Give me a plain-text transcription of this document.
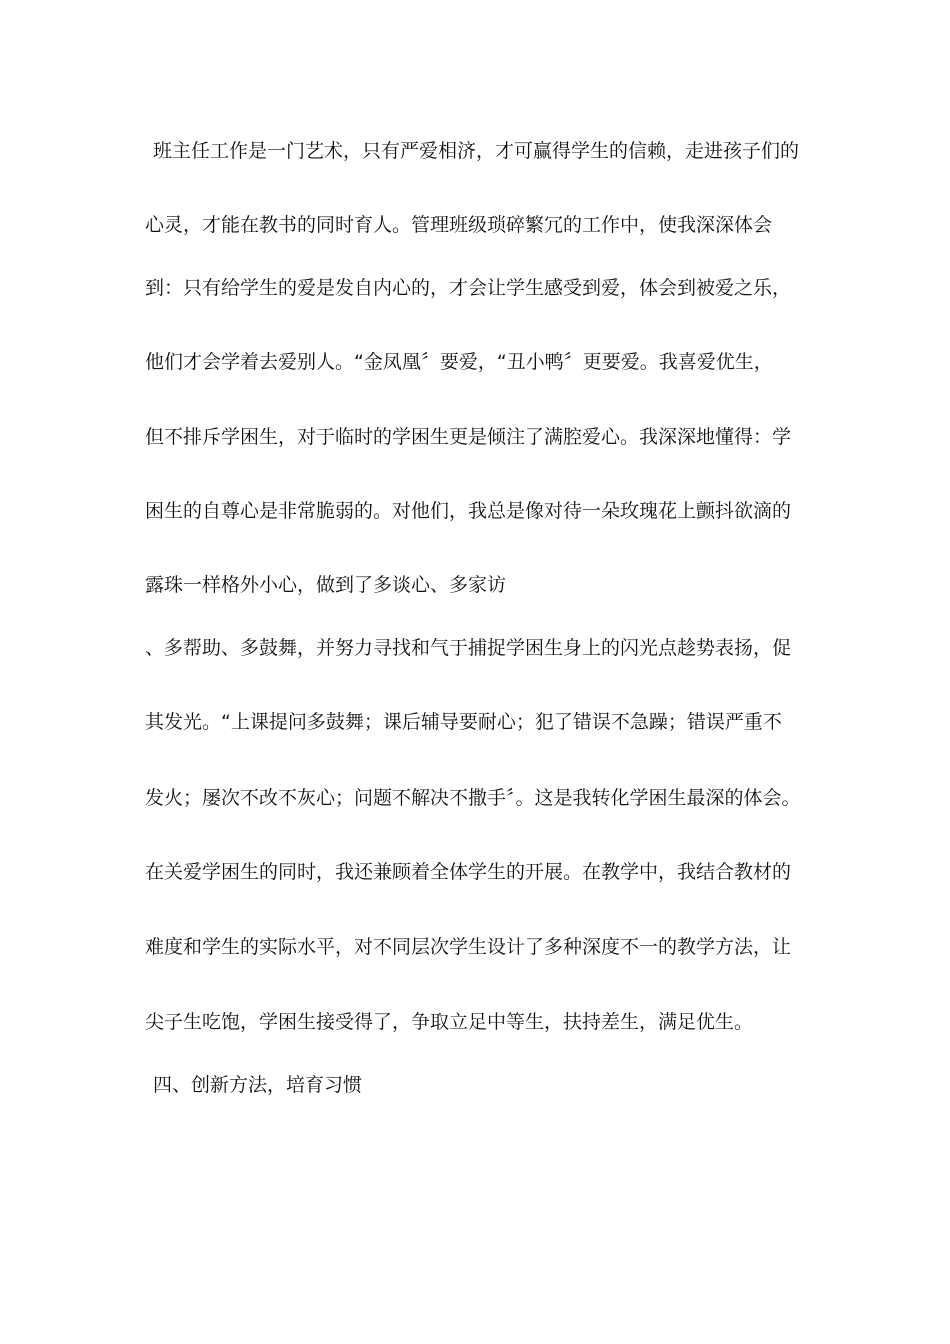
班主任工作是一门艺术，只有严爱相济，才可赢得学生的信赖，走进孩子们的
心灵，才能在教书的同时育人。管理班级琐碎繁冗的工作中，使我深深体会
到：只有给学生的爱是发自内心的，才会让学生感受到爱，体会到被爱之乐，
他们才会学着去爱别人。“金凤凰〞要爱，“丑小鸭〞更要爱。我喜爱优生，
但不排斥学困生，对于临时的学困生更是倾注了满腔爱心。我深深地懂得：学
困生的自尊心是非常脆弱的。对他们，我总是像对待一朵玫瑰花上颤抖欲滴的
露珠一样格外小心，做到了多谈心、多家访
、多帮助、多鼓舞，并努力寻找和气于捕捉学困生身上的闪光点趁势表扬，促
其发光。“上课提问多鼓舞；课后辅导要耐心；犯了错误不急躁；错误严重不
发火；屡次不改不灰心；问题不解决不撒手〞。这是我转化学困生最深的体会。
在关爱学困生的同时，我还兼顾着全体学生的开展。在教学中，我结合教材的
难度和学生的实际水平，对不同层次学生设计了多种深度不一的教学方法，让
尖子生吃饱，学困生接受得了，争取立足中等生，扶持差生，满足优生。
四、创新方法，培育习惯
